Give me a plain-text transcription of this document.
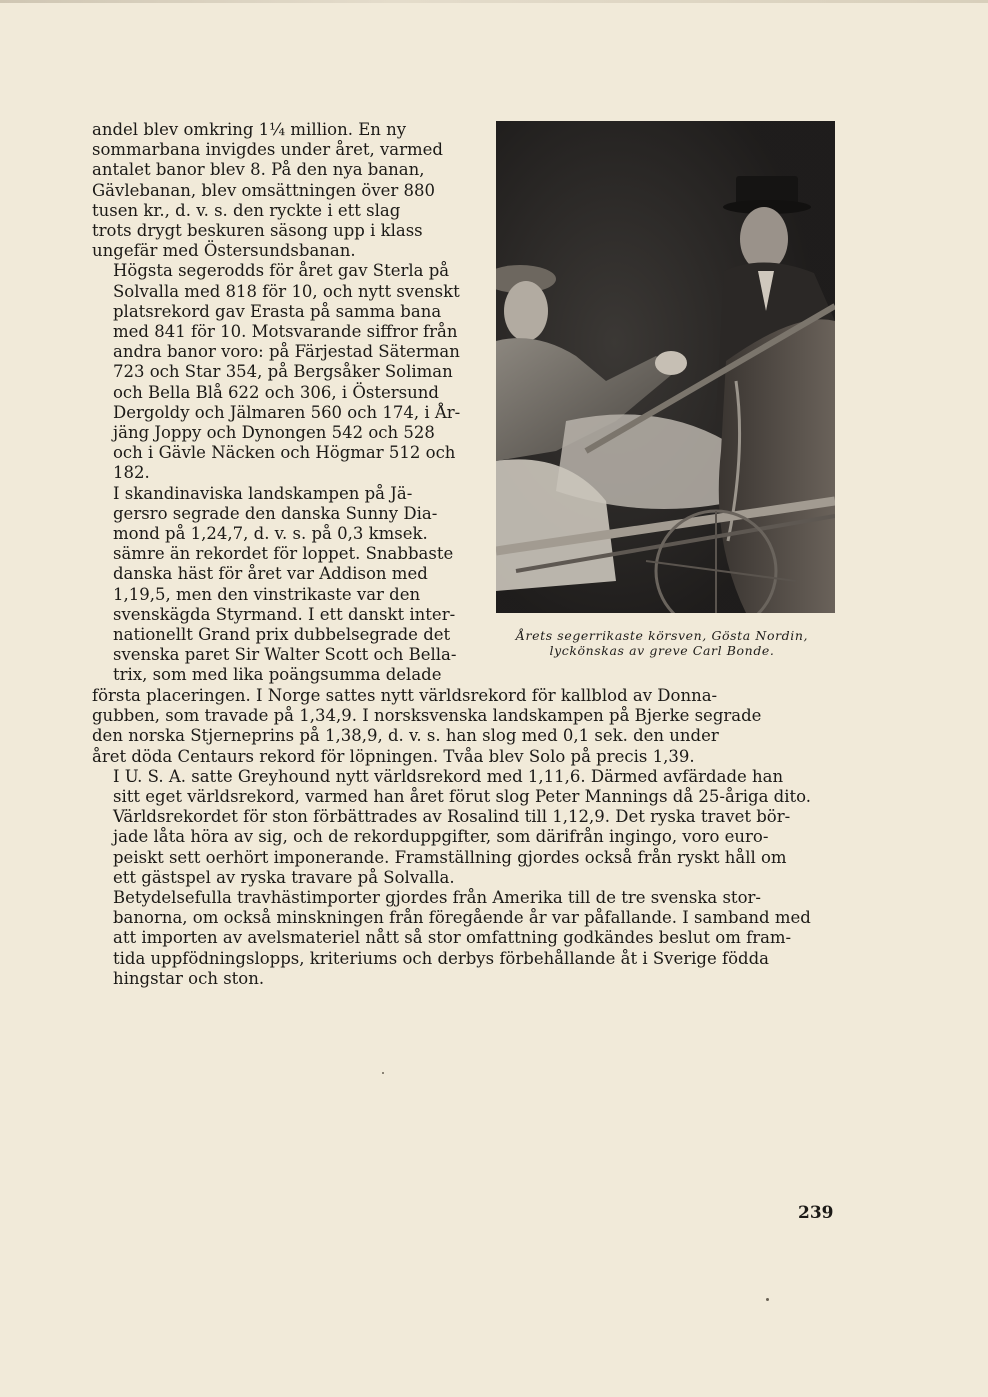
andel blev omkring 1¼ million. En ny
sommarbana invigdes under året, varmed
antalet banor blev 8. På den nya banan,
Gävlebanan, blev omsättningen över 880
tusen kr., d. v. s. den ryckte i ett slag
trots drygt beskuren säsong upp i klass
ungefär med Östersundsbanan.

Högsta segerodds för året gav Sterla på
Solvalla med 818 för 10, och nytt svenskt
platsrekord gav Erasta på samma bana
med 841 för 10. Motsvarande siffror från
andra banor voro: på Färjestad Säterman
723 och Star 354, på Bergsåker Soliman
och Bella Blå 622 och 306, i Östersund
Dergoldy och Jälmaren 560 och 174, i År-
jäng Joppy och Dynongen 542 och 528
och i Gävle Näcken och Högmar 512 och
182.

I skandinaviska landskampen på Jä-
gersro segrade den danska Sunny Dia-
mond på 1,24,7, d. v. s. på 0,3 kmsek.
sämre än rekordet för loppet. Snabbaste
danska häst för året var Addison med
1,19,5, men den vinstrikaste var den
svenskägda Styrmand. I ett danskt inter-
nationellt Grand prix dubbelsegrade det
svenska paret Sir Walter Scott och Bella-
trix, som med lika poängsumma delade

Årets segerrikaste körsven, Gösta Nordin,
lyckönskas av greve Carl Bonde.

första placeringen. I Norge sattes nytt världsrekord för kallblod av Donna-
gubben, som travade på 1,34,9. I norsksvenska landskampen på Bjerke segrade
den norska Stjerneprins på 1,38,9, d. v. s. han slog med 0,1 sek. den under
året döda Centaurs rekord för löpningen. Tvåa blev Solo på precis 1,39.

I U. S. A. satte Greyhound nytt världsrekord med 1,11,6. Därmed avfärdade han
sitt eget världsrekord, varmed han året förut slog Peter Mannings då 25-åriga dito.
Världsrekordet för ston förbättrades av Rosalind till 1,12,9. Det ryska travet bör-
jade låta höra av sig, och de rekorduppgifter, som därifrån ingingo, voro euro-
peiskt sett oerhört imponerande. Framställning gjordes också från ryskt håll om
ett gästspel av ryska travare på Solvalla.

Betydelsefulla travhästimporter gjordes från Amerika till de tre svenska stor-
banorna, om också minskningen från föregående år var påfallande. I samband med
att importen av avelsmateriel nått så stor omfattning godkändes beslut om fram-
tida uppfödningslopps, kriteriums och derbys förbehållande åt i Sverige födda
hingstar och ston.

239
